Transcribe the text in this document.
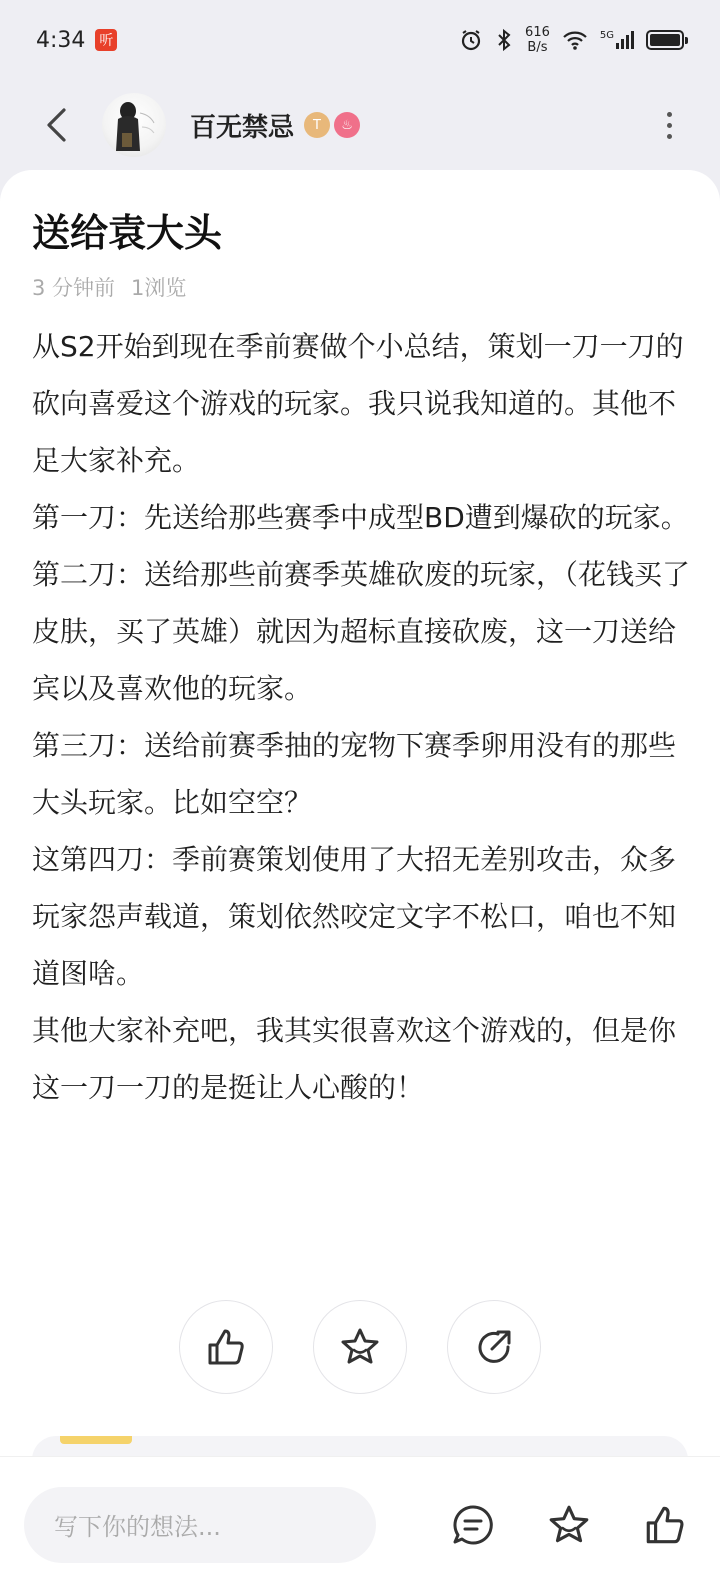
4:34 听
616
B/s
5G
百无禁忌	T	♨
送给袁大头
3 分钟前 1浏览

从S2开始到现在季前赛做个小总结，策划一刀一刀的砍向喜爱这个游戏的玩家。我只说我知道的。其他不足大家补充。

第一刀：先送给那些赛季中成型BD遭到爆砍的玩家。

第二刀：送给那些前赛季英雄砍废的玩家，（花钱买了皮肤，买了英雄）就因为超标直接砍废，这一刀送给宾以及喜欢他的玩家。

第三刀：送给前赛季抽的宠物下赛季卵用没有的那些大头玩家。比如空空？

这第四刀：季前赛策划使用了大招无差别攻击，众多玩家怨声载道，策划依然咬定文字不松口，咱也不知道图啥。

其他大家补充吧，我其实很喜欢这个游戏的，但是你这一刀一刀的是挺让人心酸的！

写下你的想法...
